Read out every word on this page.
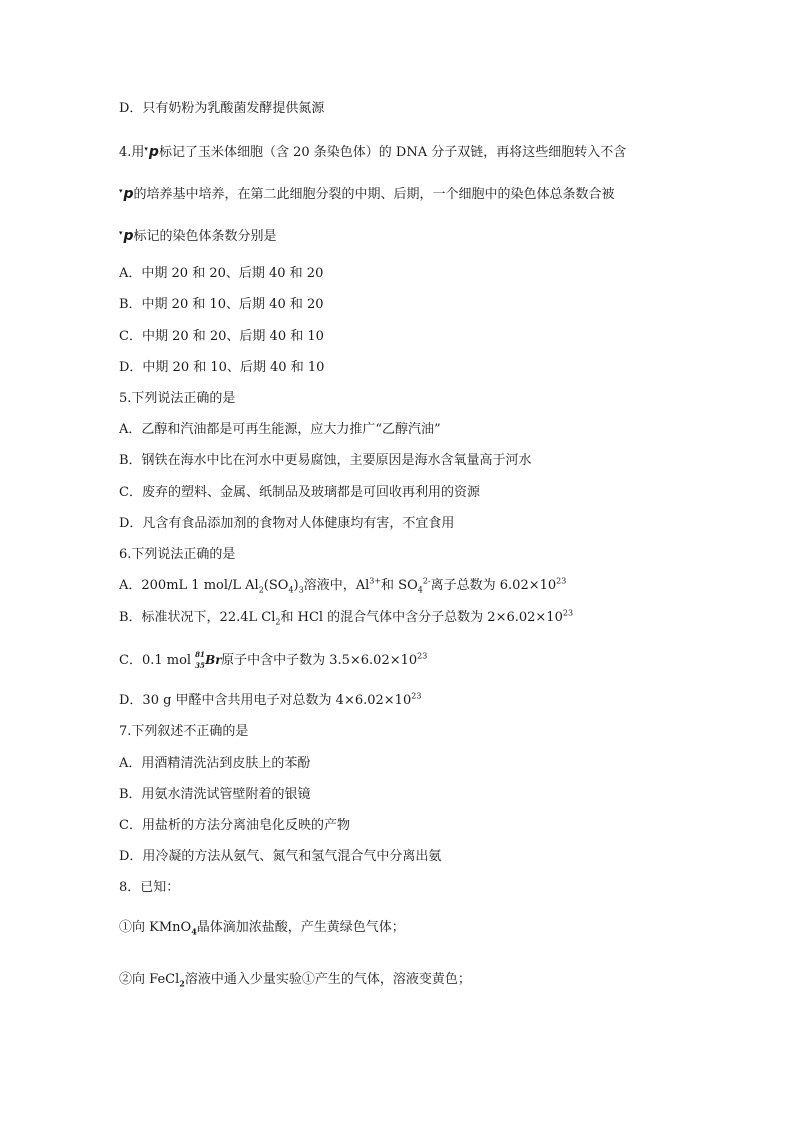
D．只有奶粉为乳酸菌发酵提供氮源
4.用▾p标记了玉米体细胞（含 20 条染色体）的 DNA 分子双链，再将这些细胞转入不含
▾p的培养基中培养，在第二此细胞分裂的中期、后期，一个细胞中的染色体总条数合被
▾p标记的染色体条数分别是
A．中期 20 和 20、后期 40 和 20
B．中期 20 和 10、后期 40 和 20
C．中期 20 和 20、后期 40 和 10
D．中期 20 和 10、后期 40 和 10
5.下列说法正确的是
A．乙醇和汽油都是可再生能源，应大力推广“乙醇汽油”
B．钢铁在海水中比在河水中更易腐蚀，主要原因是海水含氧量高于河水
C．废弃的塑料、金属、纸制品及玻璃都是可回收再利用的资源
D．凡含有食品添加剂的食物对人体健康均有害，不宜食用
6.下列说法正确的是
A．200mL 1 mol/L $Al_2(SO_4)_3$溶液中，$Al^{3+}$和 $SO_4^{2-}$离子总数为 $6.02\times 10^{23}$
B．标准状况下，22.4L $Cl_2$和 HCl 的混合气体中含分子总数为 $2\times 6.02\times 10^{23}$
C．0.1 mol 81
35 Br 原子中含中子数为 $3.5\times 6.02\times 10^{23}$
D．30 g 甲醛中含共用电子对总数为 $4\times 6.02\times 10^{23}$
7.下列叙述不正确的是
A．用酒精清洗沾到皮肤上的苯酚
B．用氨水清洗试管壁附着的银镜
C．用盐析的方法分离油皂化反映的产物
D．用冷凝的方法从氨气、氮气和氢气混合气中分离出氨
8．已知：
①向 KMnO$_4$晶体滴加浓盐酸，产生黄绿色气体；
②向 FeCl$_2$溶液中通入少量实验①产生的气体，溶液变黄色；
